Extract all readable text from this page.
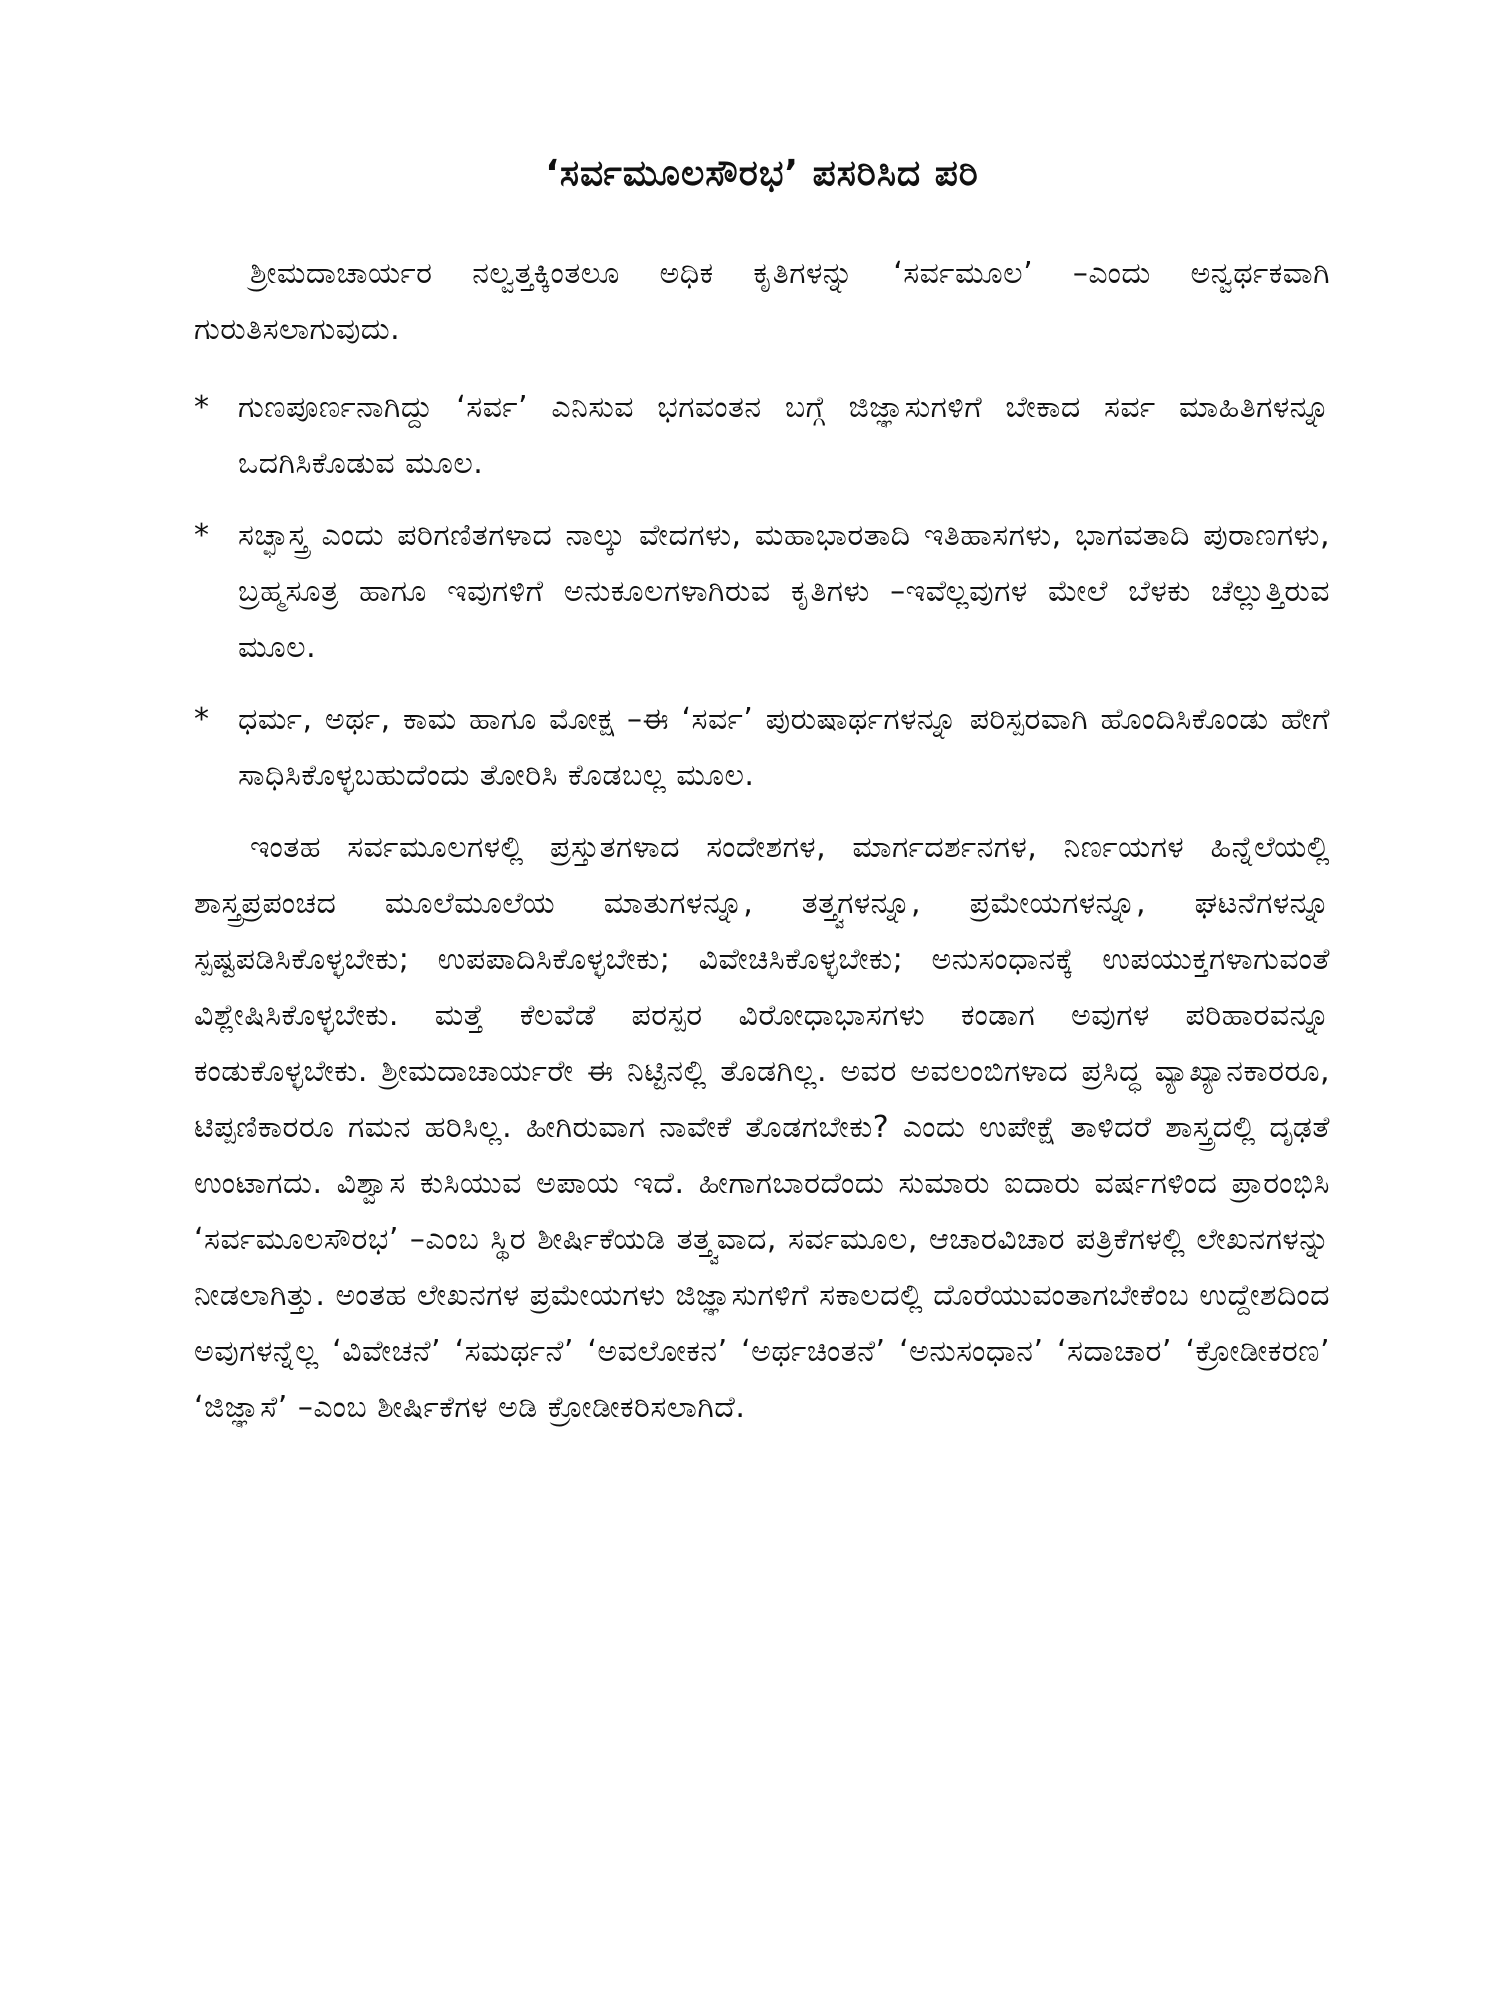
‘ಸರ್ವಮೂಲಸೌರಭ’ ಪಸರಿಸಿದ ಪರಿ

ಶ್ರೀಮದಾಚಾರ್ಯರ ನಲ್ವತ್ತಕ್ಕಿಂತಲೂ ಅಧಿಕ ಕೃತಿಗಳನ್ನು ‘ಸರ್ವಮೂಲ’ –ಎಂದು ಅನ್ವರ್ಥಕವಾಗಿ ಗುರುತಿಸಲಾಗುವುದು.

* ಗುಣಪೂರ್ಣನಾಗಿದ್ದು ‘ಸರ್ವ’ ಎನಿಸುವ ಭಗವಂತನ ಬಗ್ಗೆ ಜಿಜ್ಞಾಸುಗಳಿಗೆ ಬೇಕಾದ ಸರ್ವ ಮಾಹಿತಿಗಳನ್ನೂ ಒದಗಿಸಿಕೊಡುವ ಮೂಲ.
* ಸಚ್ಛಾಸ್ತ್ರ ಎಂದು ಪರಿಗಣಿತಗಳಾದ ನಾಲ್ಕು ವೇದಗಳು, ಮಹಾಭಾರತಾದಿ ಇತಿಹಾಸಗಳು, ಭಾಗವತಾದಿ ಪುರಾಣಗಳು, ಬ್ರಹ್ಮಸೂತ್ರ ಹಾಗೂ ಇವುಗಳಿಗೆ ಅನುಕೂಲಗಳಾಗಿರುವ ಕೃತಿಗಳು –ಇವೆಲ್ಲವುಗಳ ಮೇಲೆ ಬೆಳಕು ಚೆಲ್ಲುತ್ತಿರುವ ಮೂಲ.
* ಧರ್ಮ, ಅರ್ಥ, ಕಾಮ ಹಾಗೂ ಮೋಕ್ಷ –ಈ ‘ಸರ್ವ’ ಪುರುಷಾರ್ಥಗಳನ್ನೂ ಪರಿಸ್ಪರವಾಗಿ ಹೊಂದಿಸಿಕೊಂಡು ಹೇಗೆ ಸಾಧಿಸಿಕೊಳ್ಳಬಹುದೆಂದು ತೋರಿಸಿ ಕೊಡಬಲ್ಲ ಮೂಲ.

ಇಂತಹ ಸರ್ವಮೂಲಗಳಲ್ಲಿ ಪ್ರಸ್ತುತಗಳಾದ ಸಂದೇಶಗಳ, ಮಾರ್ಗದರ್ಶನಗಳ, ನಿರ್ಣಯಗಳ ಹಿನ್ನೆಲೆಯಲ್ಲಿ ಶಾಸ್ತ್ರಪ್ರಪಂಚದ ಮೂಲೆಮೂಲೆಯ ಮಾತುಗಳನ್ನೂ, ತತ್ತ್ವಗಳನ್ನೂ, ಪ್ರಮೇಯಗಳನ್ನೂ, ಘಟನೆಗಳನ್ನೂ ಸ್ಪಷ್ಟಪಡಿಸಿಕೊಳ್ಳಬೇಕು; ಉಪಪಾದಿಸಿಕೊಳ್ಳಬೇಕು; ವಿವೇಚಿಸಿಕೊಳ್ಳಬೇಕು; ಅನುಸಂಧಾನಕ್ಕೆ ಉಪಯುಕ್ತಗಳಾಗುವಂತೆ ವಿಶ್ಲೇಷಿಸಿಕೊಳ್ಳಬೇಕು. ಮತ್ತೆ ಕೆಲವೆಡೆ ಪರಸ್ಪರ ವಿರೋಧಾಭಾಸಗಳು ಕಂಡಾಗ ಅವುಗಳ ಪರಿಹಾರವನ್ನೂ ಕಂಡುಕೊಳ್ಳಬೇಕು. ಶ್ರೀಮದಾಚಾರ್ಯರೇ ಈ ನಿಟ್ಟಿನಲ್ಲಿ ತೊಡಗಿಲ್ಲ. ಅವರ ಅವಲಂಬಿಗಳಾದ ಪ್ರಸಿದ್ಧ ವ್ಯಾಖ್ಯಾನಕಾರರೂ, ಟಿಪ್ಪಣಿಕಾರರೂ ಗಮನ ಹರಿಸಿಲ್ಲ. ಹೀಗಿರುವಾಗ ನಾವೇಕೆ ತೊಡಗಬೇಕು? ಎಂದು ಉಪೇಕ್ಷೆ ತಾಳಿದರೆ ಶಾಸ್ತ್ರದಲ್ಲಿ ದೃಢತೆ ಉಂಟಾಗದು. ವಿಶ್ವಾಸ ಕುಸಿಯುವ ಅಪಾಯ ಇದೆ. ಹೀಗಾಗಬಾರದೆಂದು ಸುಮಾರು ಐದಾರು ವರ್ಷಗಳಿಂದ ಪ್ರಾರಂಭಿಸಿ ‘ಸರ್ವಮೂಲಸೌರಭ’ –ಎಂಬ ಸ್ಥಿರ ಶೀರ್ಷಿಕೆಯಡಿ ತತ್ತ್ವವಾದ, ಸರ್ವಮೂಲ, ಆಚಾರವಿಚಾರ ಪತ್ರಿಕೆಗಳಲ್ಲಿ ಲೇಖನಗಳನ್ನು ನೀಡಲಾಗಿತ್ತು. ಅಂತಹ ಲೇಖನಗಳ ಪ್ರಮೇಯಗಳು ಜಿಜ್ಞಾಸುಗಳಿಗೆ ಸಕಾಲದಲ್ಲಿ ದೊರೆಯುವಂತಾಗಬೇಕೆಂಬ ಉದ್ದೇಶದಿಂದ ಅವುಗಳನ್ನೆಲ್ಲ ‘ವಿವೇಚನೆ’ ‘ಸಮರ್ಥನೆ’ ‘ಅವಲೋಕನ’ ‘ಅರ್ಥಚಿಂತನೆ’ ‘ಅನುಸಂಧಾನ’ ‘ಸದಾಚಾರ’ ‘ಕ್ರೋಡೀಕರಣ’ ‘ಜಿಜ್ಞಾಸೆ’ –ಎಂಬ ಶೀರ್ಷಿಕೆಗಳ ಅಡಿ ಕ್ರೋಡೀಕರಿಸಲಾಗಿದೆ.
